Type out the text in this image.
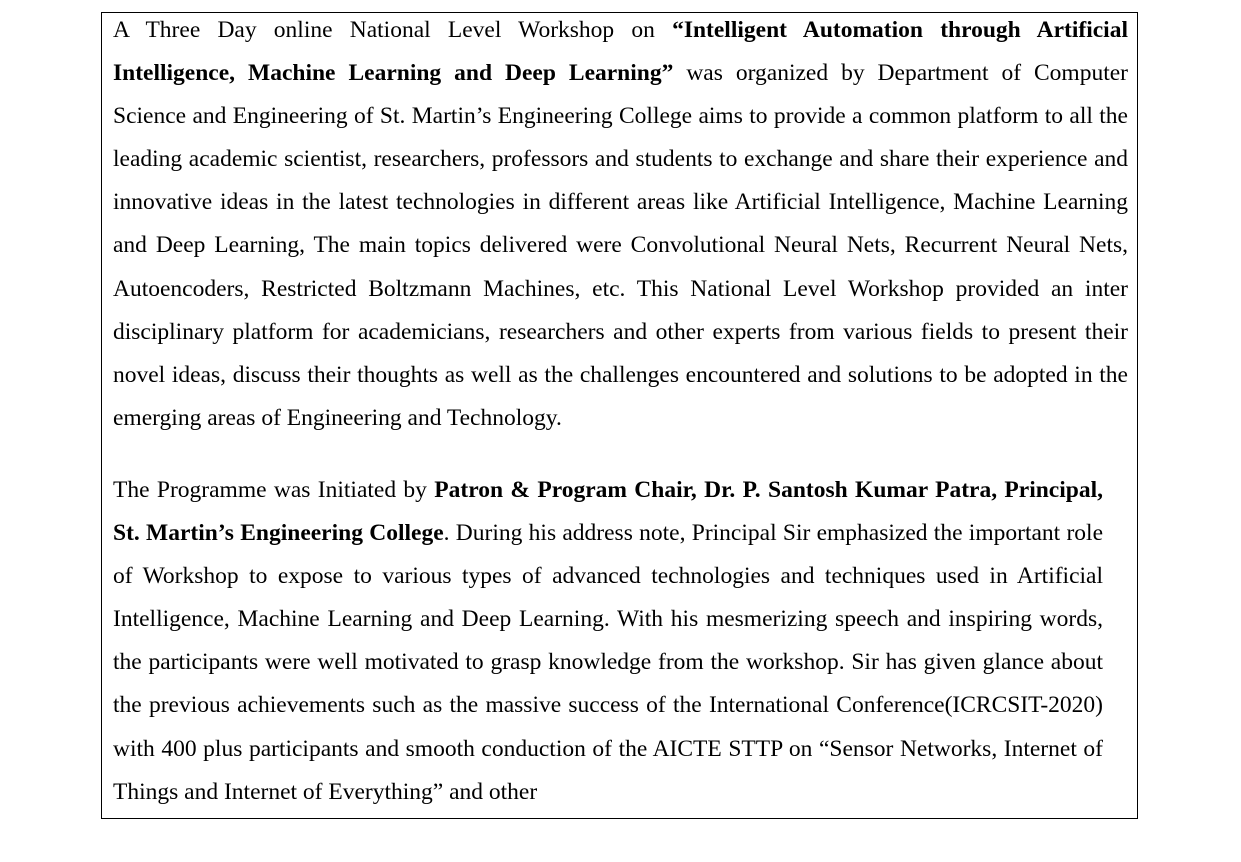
A Three Day online National Level Workshop on “Intelligent Automation through Artificial Intelligence, Machine Learning and Deep Learning” was organized by Department of Computer Science and Engineering of St. Martin’s Engineering College aims to provide a common platform to all the leading academic scientist, researchers, professors and students to exchange and share their experience and innovative ideas in the latest technologies in different areas like Artificial Intelligence, Machine Learning and Deep Learning, The main topics delivered were Convolutional Neural Nets, Recurrent Neural Nets, Autoencoders, Restricted Boltzmann Machines, etc. This National Level Workshop provided an inter disciplinary platform for academicians, researchers and other experts from various fields to present their novel ideas, discuss their thoughts as well as the challenges encountered and solutions to be adopted in the emerging areas of Engineering and Technology.

The Programme was Initiated by Patron & Program Chair, Dr. P. Santosh Kumar Patra, Principal, St. Martin’s Engineering College. During his address note, Principal Sir emphasized the important role of Workshop to expose to various types of advanced technologies and techniques used in Artificial Intelligence, Machine Learning and Deep Learning. With his mesmerizing speech and inspiring words, the participants were well motivated to grasp knowledge from the workshop. Sir has given glance about the previous achievements such as the massive success of the International Conference(ICRCSIT-2020) with 400 plus participants and smooth conduction of the AICTE STTP on “Sensor Networks, Internet of Things and Internet of Everything” and other
